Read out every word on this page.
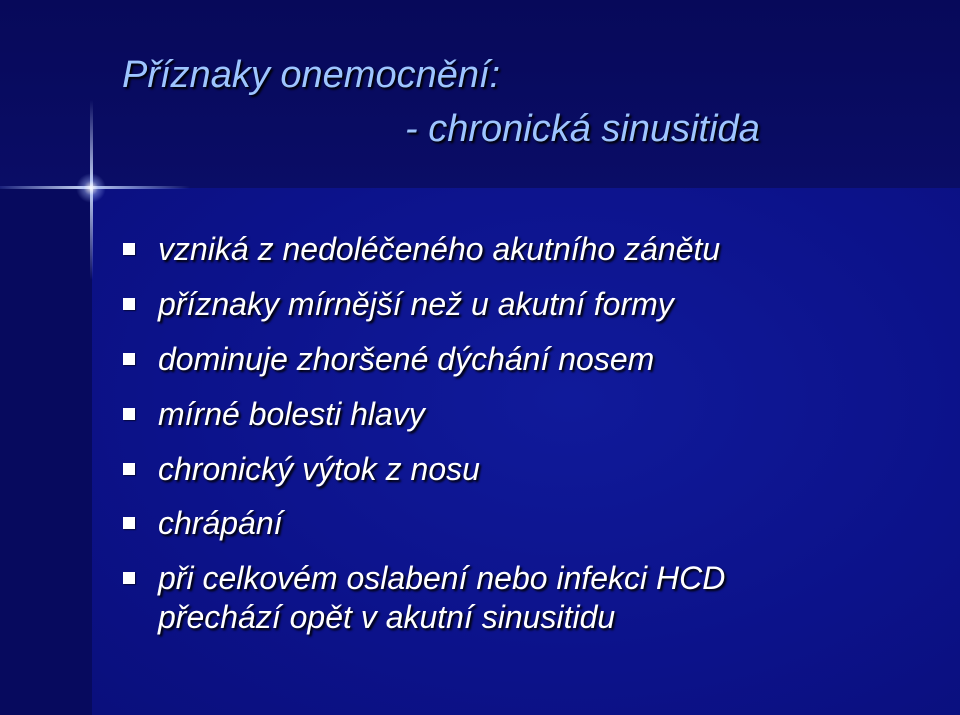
Příznaky onemocnění:
- chronická sinusitida
vzniká z nedoléčeného akutního zánětu
příznaky mírnější než u akutní formy
dominuje zhoršené dýchání nosem
mírné bolesti hlavy
chronický výtok z nosu
chrápání
při celkovém oslabení nebo infekci HCD
přechází opět v akutní sinusitidu
